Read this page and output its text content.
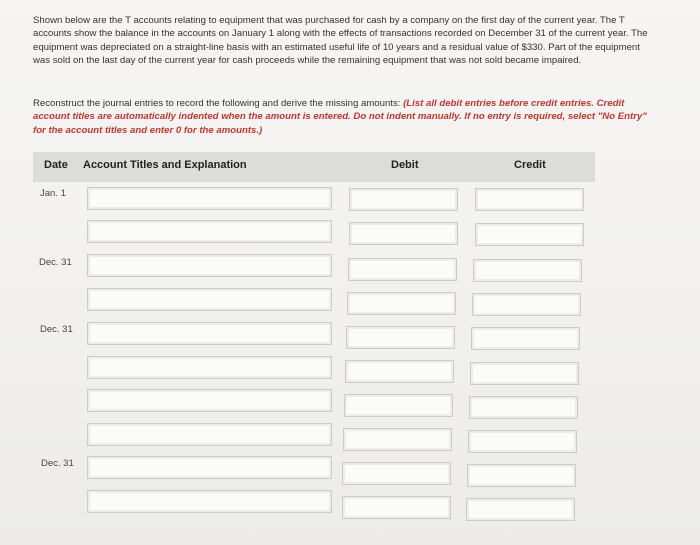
Shown below are the T accounts relating to equipment that was purchased for cash by a company on the first day of the current year. The T accounts show the balance in the accounts on January 1 along with the effects of transactions recorded on December 31 of the current year. The equipment was depreciated on a straight-line basis with an estimated useful life of 10 years and a residual value of $330. Part of the equipment was sold on the last day of the current year for cash proceeds while the remaining equipment that was not sold became impaired.
Reconstruct the journal entries to record the following and derive the missing amounts: (List all debit entries before credit entries. Credit account titles are automatically indented when the amount is entered. Do not indent manually. If no entry is required, select "No Entry" for the account titles and enter 0 for the amounts.)
Date Account Titles and Explanation	Debit	Credit
Jan. 1
Dec. 31
Dec. 31
Dec. 31
